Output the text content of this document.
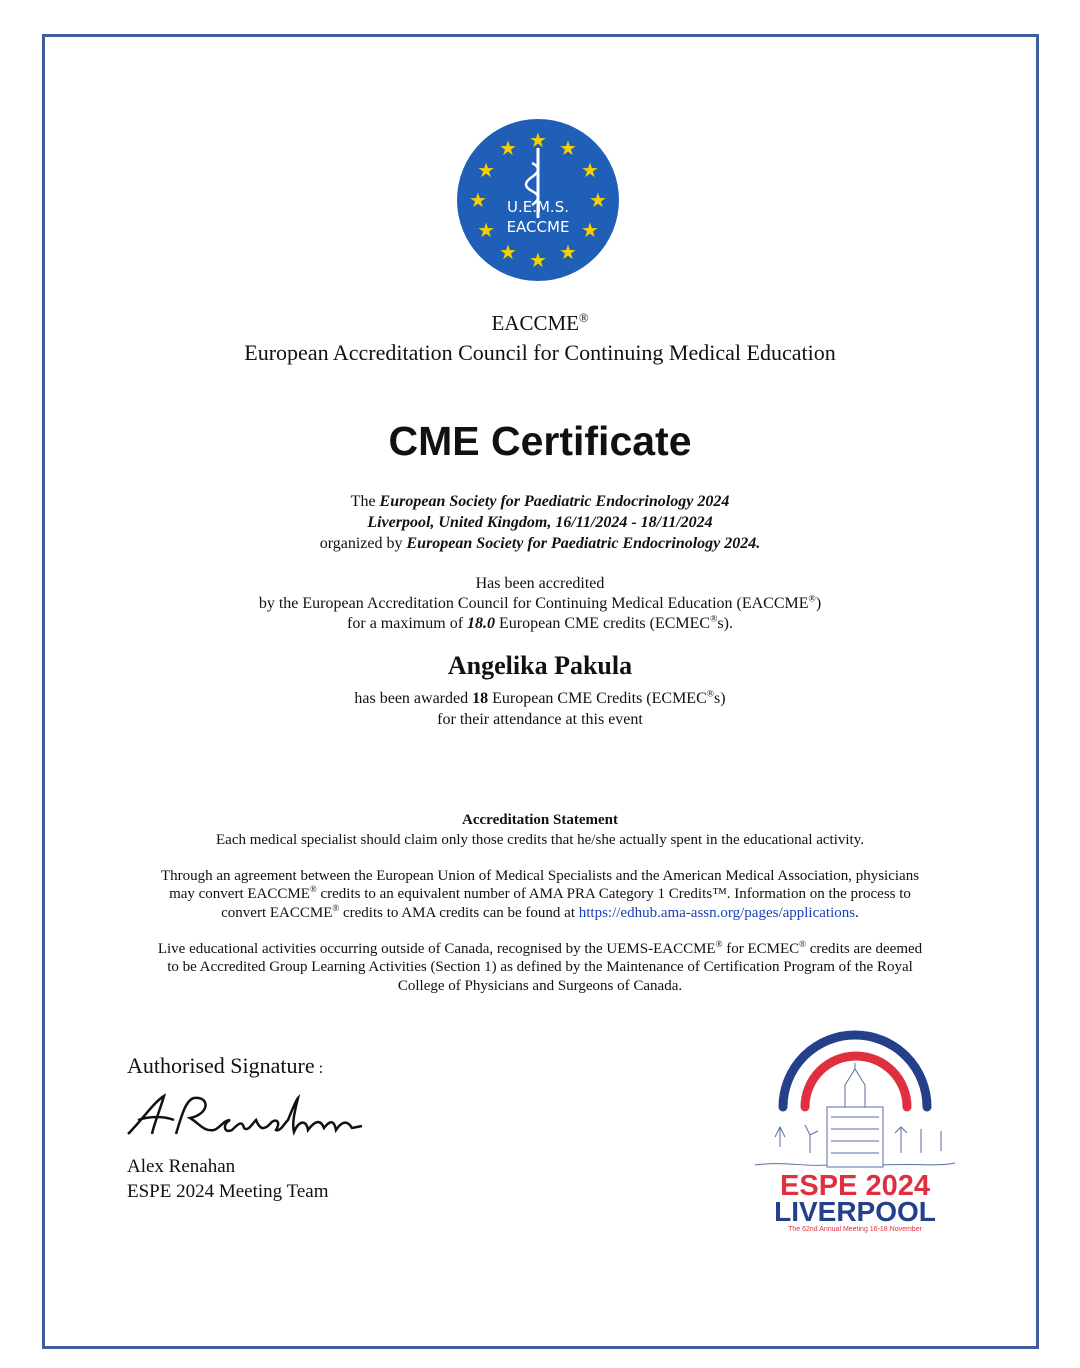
★ ★
★
★
★
★
★
★
★
★
★
★
U.E.M.S.
EACCME
EACCME®
European Accreditation Council for Continuing Medical Education
CME Certificate
The European Society for Paediatric Endocrinology 2024
Liverpool, United Kingdom, 16/11/2024 - 18/11/2024
organized by European Society for Paediatric Endocrinology 2024.
Has been accredited
by the European Accreditation Council for Continuing Medical Education (EACCME®)
for a maximum of 18.0 European CME credits (ECMEC®s).
Angelika Pakula
has been awarded 18 European CME Credits (ECMEC®s)
for their attendance at this event
Accreditation Statement
Each medical specialist should claim only those credits that he/she actually spent in the educational activity.
Through an agreement between the European Union of Medical Specialists and the American Medical Association, physicians
may convert EACCME® credits to an equivalent number of AMA PRA Category 1 Credits™. Information on the process to
convert EACCME® credits to AMA credits can be found at https://edhub.ama-assn.org/pages/applications.
Live educational activities occurring outside of Canada, recognised by the UEMS-EACCME® for ECMEC® credits are deemed
to be Accredited Group Learning Activities (Section 1) as defined by the Maintenance of Certification Program of the Royal
College of Physicians and Surgeons of Canada.
Authorised Signature :
Alex Renahan
ESPE 2024 Meeting Team	ESPE 2024
LIVERPOOL
The 62nd Annual Meeting 16-18 November
